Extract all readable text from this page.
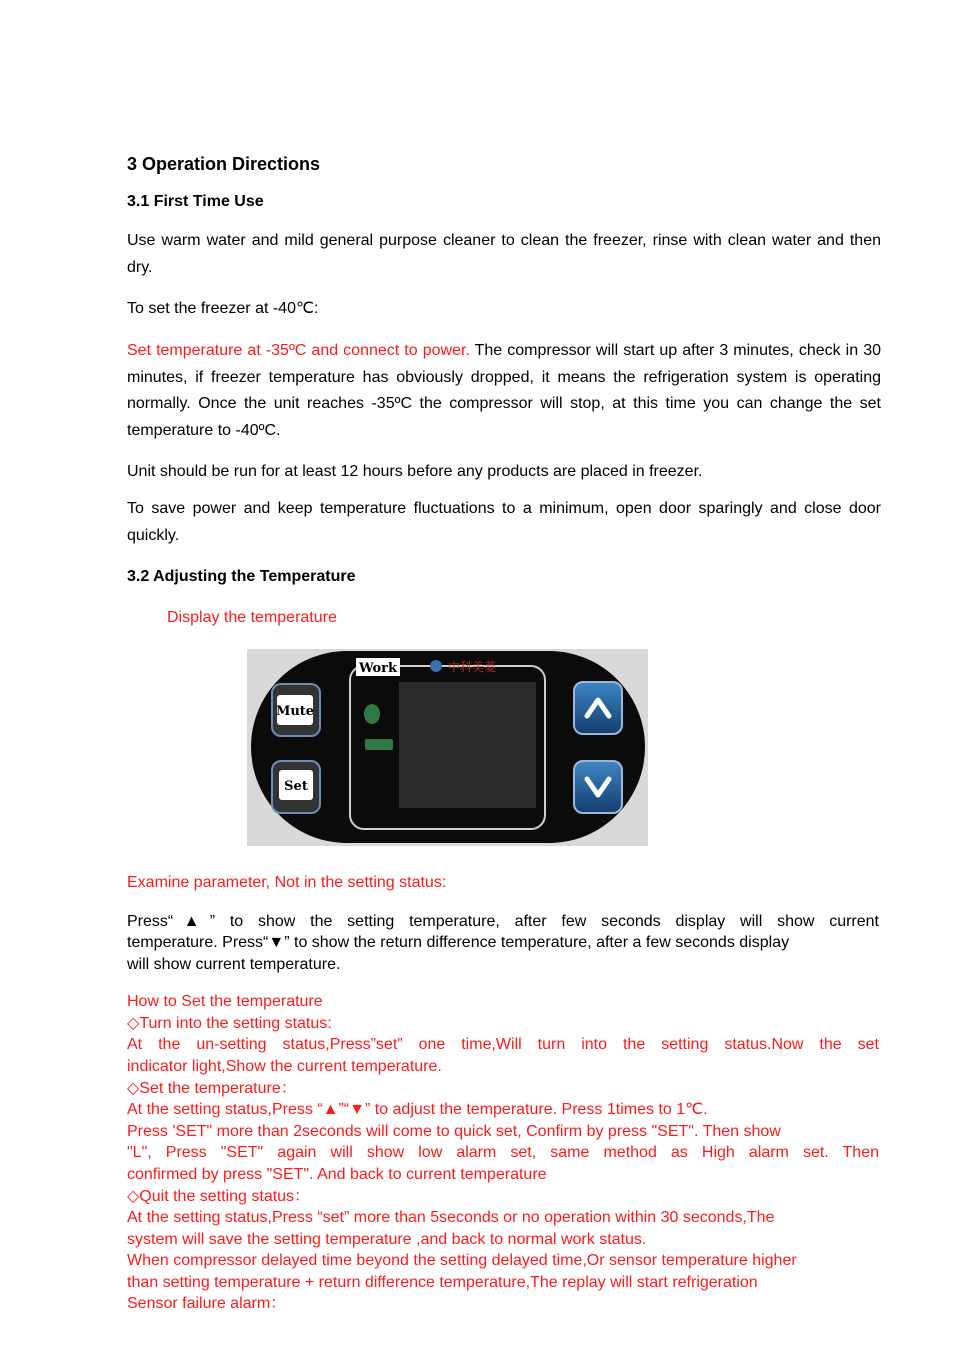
3 Operation Directions
3.1 First Time Use
Use warm water and mild general purpose cleaner to clean the freezer, rinse with clean water and then dry.
To set the freezer at -40℃:
Set temperature at -35ºC and connect to power. The compressor will start up after 3 minutes, check in 30 minutes, if freezer temperature has obviously dropped, it means the refrigeration system is operating normally. Once the unit reaches -35ºC the compressor will stop, at this time you can change the set temperature to -40ºC.
Unit should be run for at least 12 hours before any products are placed in freezer.
To save power and keep temperature fluctuations to a minimum, open door sparingly and close door quickly.
3.2 Adjusting the Temperature
Display the temperature
Work	中科美菱
Mute
Set
Examine parameter, Not in the setting status:
Press“▲” to show the setting temperature, after few seconds display will show current
temperature. Press“▼” to show the return difference temperature, after a few seconds display
will show current temperature.
How to Set the temperature
◇Turn into the setting status:
At the un-setting status,Press”set” one time,Will turn into the setting status.Now the set
indicator light,Show the current temperature.
◇Set the temperature：
At the setting status,Press “▲”“▼” to adjust the temperature. Press 1times to 1℃.
Press 'SET" more than 2seconds will come to quick set, Confirm by press "SET". Then show
"L", Press "SET" again will show low alarm set, same method as High alarm set. Then
confirmed by press "SET". And back to current temperature
◇Quit the setting status：
At the setting status,Press “set” more than 5seconds or no operation within 30 seconds,The
system will save the setting temperature ,and back to normal work status.
When compressor delayed time beyond the setting delayed time,Or sensor temperature higher
than setting temperature + return difference temperature,The replay will start refrigeration
Sensor failure alarm：
